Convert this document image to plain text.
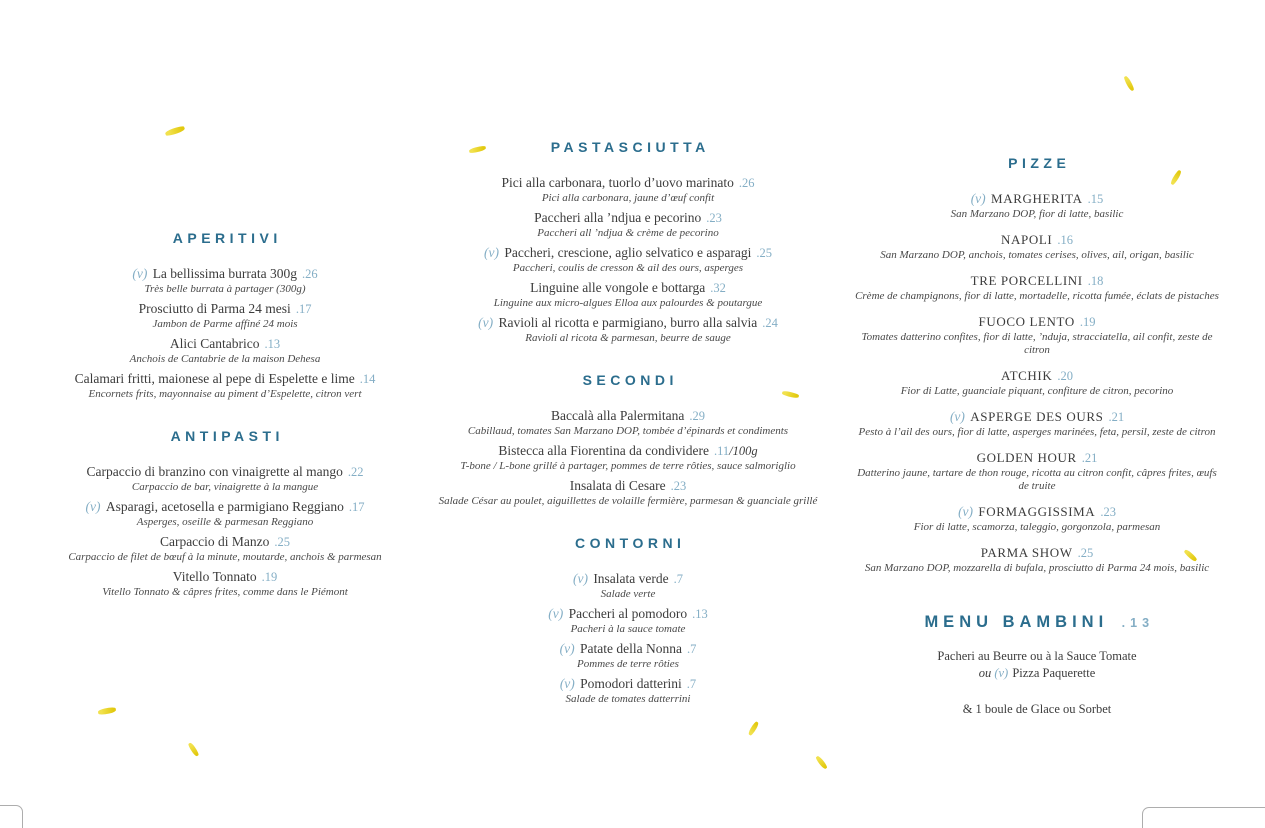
APERITIVI
(v) La bellissima burrata 300g .26
Très belle burrata à partager (300g)
Prosciutto di Parma 24 mesi .17
Jambon de Parme affiné 24 mois
Alici Cantabrico .13
Anchois de Cantabrie de la maison Dehesa
Calamari fritti, maionese al pepe di Espelette e lime .14
Encornets frits, mayonnaise au piment d’Espelette, citron vert
ANTIPASTI
Carpaccio di branzino con vinaigrette al mango .22
Carpaccio de bar, vinaigrette à la mangue
(v) Asparagi, acetosella e parmigiano Reggiano .17
Asperges, oseille & parmesan Reggiano
Carpaccio di Manzo .25
Carpaccio de filet de bœuf à la minute, moutarde, anchois & parmesan
Vitello Tonnato .19
Vitello Tonnato & câpres frites, comme dans le Piémont
PASTASCIUTTA
Pici alla carbonara, tuorlo d’uovo marinato .26
Pici alla carbonara, jaune d’œuf confit
Paccheri alla ’ndjua e pecorino .23
Paccheri all ’ndjua & crème de pecorino
(v) Paccheri, crescione, aglio selvatico e asparagi .25
Paccheri, coulis de cresson & ail des ours, asperges
Linguine alle vongole e bottarga .32
Linguine aux micro-algues Elloa aux palourdes & poutargue
(v) Ravioli al ricotta e parmigiano, burro alla salvia .24
Ravioli al ricota & parmesan, beurre de sauge
SECONDI
Baccalà alla Palermitana .29
Cabillaud, tomates San Marzano DOP, tombée d’épinards et condiments
Bistecca alla Fiorentina da condividere .11/100g
T-bone / L-bone grillé à partager, pommes de terre rôties, sauce salmoriglio
Insalata di Cesare .23
Salade César au poulet, aiguillettes de volaille fermière, parmesan & guanciale grillé
CONTORNI
(v) Insalata verde .7
Salade verte
(v) Paccheri al pomodoro .13
Pacheri à la sauce tomate
(v) Patate della Nonna .7
Pommes de terre rôties
(v) Pomodori datterini .7
Salade de tomates datterrini
PIZZE
(v) MARGHERITA .15
San Marzano DOP, fior di latte, basilic
NAPOLI .16
San Marzano DOP, anchois, tomates cerises, olives, ail, origan, basilic
TRE PORCELLINI .18
Crème de champignons, fior di latte, mortadelle, ricotta fumée, éclats de pistaches
FUOCO LENTO .19
Tomates datterino confites, fior di latte, ’nduja, stracciatella, ail confit, zeste de citron
ATCHIK .20
Fior di Latte, guanciale piquant, confiture de citron, pecorino
(v) ASPERGE DES OURS .21
Pesto à l’ail des ours, fior di latte, asperges marinées, feta, persil, zeste de citron
GOLDEN HOUR .21
Datterino jaune, tartare de thon rouge, ricotta au citron confit, câpres frites, œufs de truite
(v) FORMAGGISSIMA .23
Fior di latte, scamorza, taleggio, gorgonzola, parmesan
PARMA SHOW .25
San Marzano DOP, mozzarella di bufala, prosciutto di Parma 24 mois, basilic
MENU BAMBINI .13
Pacheri au Beurre ou à la Sauce Tomate
ou (v) Pizza Paquerette
& 1 boule de Glace ou Sorbet
